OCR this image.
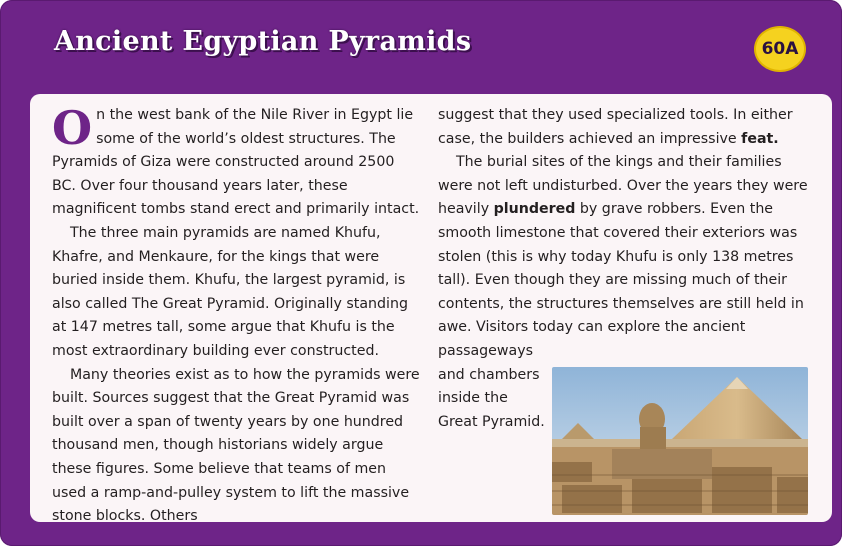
Ancient Egyptian Pyramids	60A

On the west bank of the Nile River in Egypt lie some of the world’s oldest structures. The Pyramids of Giza were constructed around 2500 BC. Over four thousand years later, these magnificent tombs stand erect and primarily intact.

The three main pyramids are named Khufu, Khafre, and Menkaure, for the kings that were buried inside them. Khufu, the largest pyramid, is also called The Great Pyramid. Originally standing at 147 metres tall, some argue that Khufu is the most extraordinary building ever constructed.

Many theories exist as to how the pyramids were built. Sources suggest that the Great Pyramid was built over a span of twenty years by one hundred thousand men, though historians widely argue these figures. Some believe that teams of men used a ramp-and-pulley system to lift the massive stone blocks. Others

suggest that they used specialized tools. In either case, the builders achieved an impressive feat.

The burial sites of the kings and their families were not left undisturbed. Over the years they were heavily plundered by grave robbers. Even the smooth limestone that covered their exteriors was stolen (this is why today Khufu is only 138 metres tall). Even though they are missing much of their contents, the structures themselves are still held in awe. Visitors today can explore the ancient passageways

and chambers
inside the
Great Pyramid.
